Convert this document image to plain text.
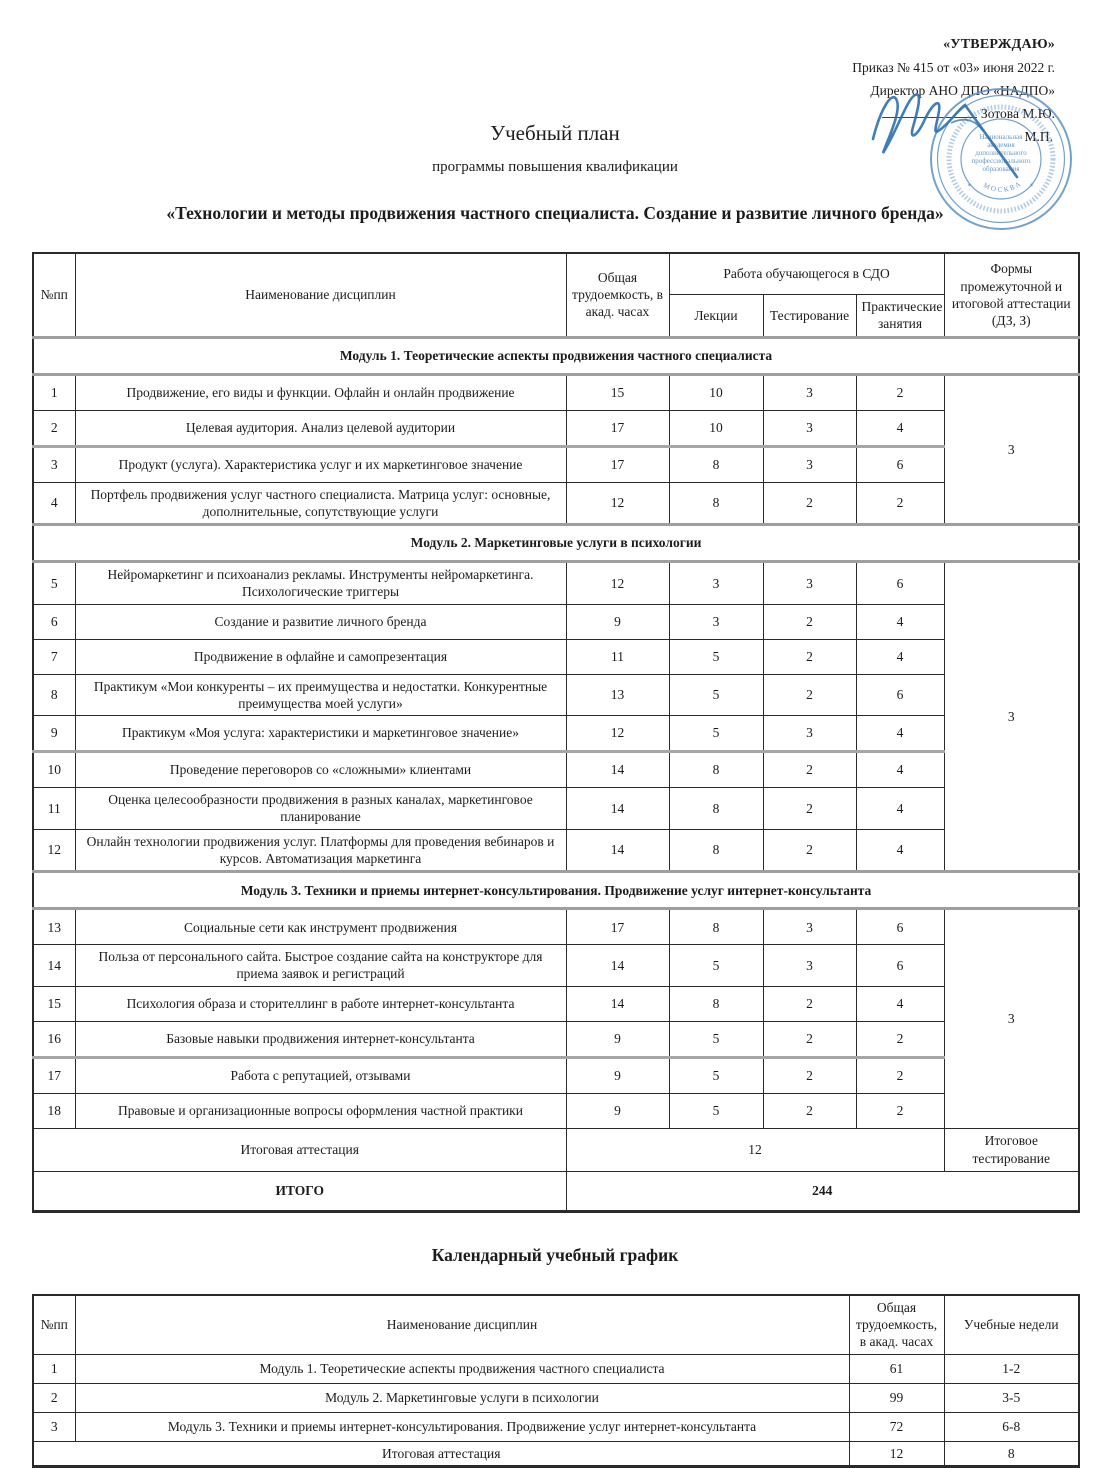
«УТВЕРЖДАЮ»
Приказ № 415 от «03» июня 2022 г.
Директор АНО ДПО «НАДПО»
Зотова М.Ю.
М.П.
МОСКВА
Национальная
академия
дополнительного
профессионального
образования
✶	✶
Учебный план
программы повышения квалификации
«Технологии и методы продвижения частного специалиста. Создание и развитие личного бренда»
№пп	Наименование дисциплин	Общая трудоемкость, в акад. часах	Работа обучающегося в СДО			Формы промежуточной и итоговой аттестации (ДЗ, З)
			Лекции	Тестирование	Практические занятия	
Модуль 1. Теоретические аспекты продвижения частного специалиста						
1	Продвижение, его виды и функции. Офлайн и онлайн продвижение	15	10	3	2	3
2	Целевая аудитория. Анализ целевой аудитории	17	10	3	4	
3	Продукт (услуга). Характеристика услуг и их маркетинговое значение	17	8	3	6	
4	Портфель продвижения услуг частного специалиста. Матрица услуг: основные, дополнительные, сопутствующие услуги	12	8	2	2	
Модуль 2. Маркетинговые услуги в психологии						
5	Нейромаркетинг и психоанализ рекламы. Инструменты нейромаркетинга. Психологические триггеры	12	3	3	6	3
6	Создание и развитие личного бренда	9	3	2	4	
7	Продвижение в офлайне и самопрезентация	11	5	2	4	
8	Практикум «Мои конкуренты – их преимущества и недостатки. Конкурентные преимущества моей услуги»	13	5	2	6	
9	Практикум «Моя услуга: характеристики и маркетинговое значение»	12	5	3	4	
10	Проведение переговоров со «сложными» клиентами	14	8	2	4	
11	Оценка целесообразности продвижения в разных каналах, маркетинговое планирование	14	8	2	4	
12	Онлайн технологии продвижения услуг. Платформы для проведения вебинаров и курсов. Автоматизация маркетинга	14	8	2	4	
Модуль 3. Техники и приемы интернет-консультирования. Продвижение услуг интернет-консультанта						
13	Социальные сети как инструмент продвижения	17	8	3	6	3
14	Польза от персонального сайта. Быстрое создание сайта на конструкторе для приема заявок и регистраций	14	5	3	6	
15	Психология образа и сторителлинг в работе интернет-консультанта	14	8	2	4	
16	Базовые навыки продвижения интернет-консультанта	9	5	2	2	
17	Работа с репутацией, отзывами	9	5	2	2	
18	Правовые и организационные вопросы оформления частной практики	9	5	2	2	
Итоговая аттестация		12				Итоговое тестирование
ИТОГО		244				
Календарный учебный график
№пп	Наименование дисциплин	Общая трудоемкость, в акад. часах	Учебные недели
1	Модуль 1. Теоретические аспекты продвижения частного специалиста	61	1-2
2	Модуль 2. Маркетинговые услуги в психологии	99	3-5
3	Модуль 3. Техники и приемы интернет-консультирования. Продвижение услуг интернет-консультанта	72	6-8
Итоговая аттестация		12	8
